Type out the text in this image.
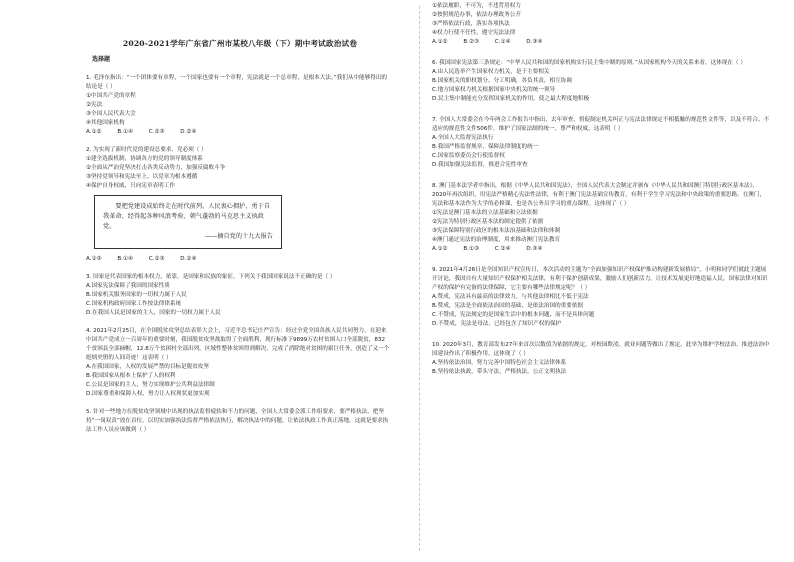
2020-2021学年广东省广州市某校八年级（下）期中考试政治试卷
选择题

1. 毛泽东指出：“一个团体要有章程，一个国家也要有一个章程，宪法就是一个总章程，是根本大法。”我们从中能够得出的结论是（ ）

①中国共产党的章程

②宪法

③全国人民代表大会

④其他国家机构

A.①②	B.①④	C.②③	D.②④

2. 为实现了新时代党的建设总要求，党必须（ ）

①建全选拔机制，协调各方的党的领导制度体系

②全面从严治党坚决打击各类反动势力，加强反腐败斗争

③坚持党领导和宪法至上，以党章为根本遵循

④保护自身权威，只向宪章表明工作

要把党建设成始终走在时代前列、人民衷心拥护、勇于自我革命、经得起各种风浪考验、朝气蓬勃的马克思主义执政党。

——摘自党的十九大报告

A.①③	B.①④	C.②③	D.②④

3. 国家是代表国家的根本权力，依靠，是国家和民族的象征。下列关于我国国家说法不正确的是（ ）

A.国家宪法保障了我国的国家性质

B.国家机关服务国家的一切权力属于人民

C.国家机构政府国家工作按法律律系统

D.在我国人民是国家的主人，国家的一切权力属于人民

4. 2021年2月25日，在全国脱贫攻坚总结表彰大会上，习近平总书记庄严宣告：经过全党全国各族人民共同努力，在迎来中国共产党成立一百周年的重要时刻，我国脱贫攻坚战取得了全面胜利，现行标准下9899万农村贫困人口全部脱贫，832个贫困县全部摘帽，12.8万个贫困村全部出列，区域性整体贫困得到解决，完成了消除绝对贫困的艰巨任务，创造了又一个彪炳史册的人间奇迹！这表明（ ）

A.在我国国家，人权的发展严禁的目标是脱贫攻坚

B.我国国家从根本上保护了人的权利

C.公民是国家的主人，努力实现维护公共利益法律制

D.国家尊重和保障人权，努力让人权现状更加实现

5. 针对一些地方在脱贫攻坚领域中出现的执法监督疲软和不力的问题，全国人大常委会派工作组要求，要严格执法，把坚持“一岗双责”放在首位，以切实加强执法监督严格依法执行，解决执法中的问题，让依法执政工作真正落地。这就是要求执法工作人员应该做到（ ）

①依法履职，不可为，不违背用权力

②按照规范办事，依法办理政务公开

③严格依法行政，落实各项执法

④权力行使不任性，遵守宪法法律

A.①②	B.②③	C.①④	D.③④

6. 我国国家宪法第三条规定：“中华人民共和国的国家机构实行民主集中制的原则。”从国家机构今天的关系来看，这体现在（ ）

A.由人民选举产生国家权力机关，是于主要相关

B.国家机关的职权划分，分工明确，各负其责，相互协调

C.地方国家权力机关根据国家中央机关的统一领导

D.民主集中制能充分发挥国家机关的作用，使之最大程度地积极

7. 全国人大常委会在今年两会工作报告中指出，去年审查，督促制定机关纠正与宪法法律规定不相抵触的规范性文件等，以及不符合、不适应的规范性文件506件，维护了国家法制的统一、尊严和权威。这表明（ ）

A.全国人大监督宪法执行

B.我国严格监督规章，保障法律制度的统一

C.国家监察委员会行使监督权

D.我国加强宪法监督，推进合宪性审查

8. 澳门基本法学者中指出，根据《中华人民共和国宪法》，全国人民代表大会制定并颁布《中华人民共和国澳门特别行政区基本法》，2020年再次组织，用宪法严格精心宪法性法律，有利于澳门宪法基础宣传教育，有利于学生学习宪法和中央政策的重要思路。在澳门，宪法和基本法作为大学的必修课，也是各公务员学习的重点课程。这体现了（ ）

①宪法是澳门基本法的立法基础和立法依据

②宪法为特别行政区基本法的制定提供了依据

③宪法保障特别行政区的根本法治基础和法律和体制

④澳门通过宪法的治理制度，用来推动澳门宪法教育

A.①②	B.①③	C.②④	D.③④

9. 2021年4月26日是全国知识产权宣传日，本次活动的主题为“全面加强知识产权保护推动构建新发展格局”，小明和同学们就此主题展开讨论，我国自有大量知识产权保护相关法律，有利于保护创新成果，激励人们创新活力，让技术发展更好地造福人民。国家法律对知识产权的保护有完备的法律保障，它主要有哪些法律规定呢？（ ）

A.赞成，宪法具有最高的法律效力，与其他法律相比不低于宪法

B.赞成，宪法是全面依法治国的基础，是依法治国的重要依据

C.不赞成，宪法规定的是国家生活中的根本问题，而不是具体问题

D.不赞成，宪法是母法，已经包含了知识产权的保护

10. 2020年3月，教育部发布27年来首次以数值为依据的规定，对校园欺凌、就业问题等做出了规定，此举为维护学校法治、推进法治中国建设作出了积极作用。这体现了（ ）

A.坚持依法治国，努力完善中国特色社会主义法律体系

B.坚持依法执政，带头守法，严格执法，公正文明执法
